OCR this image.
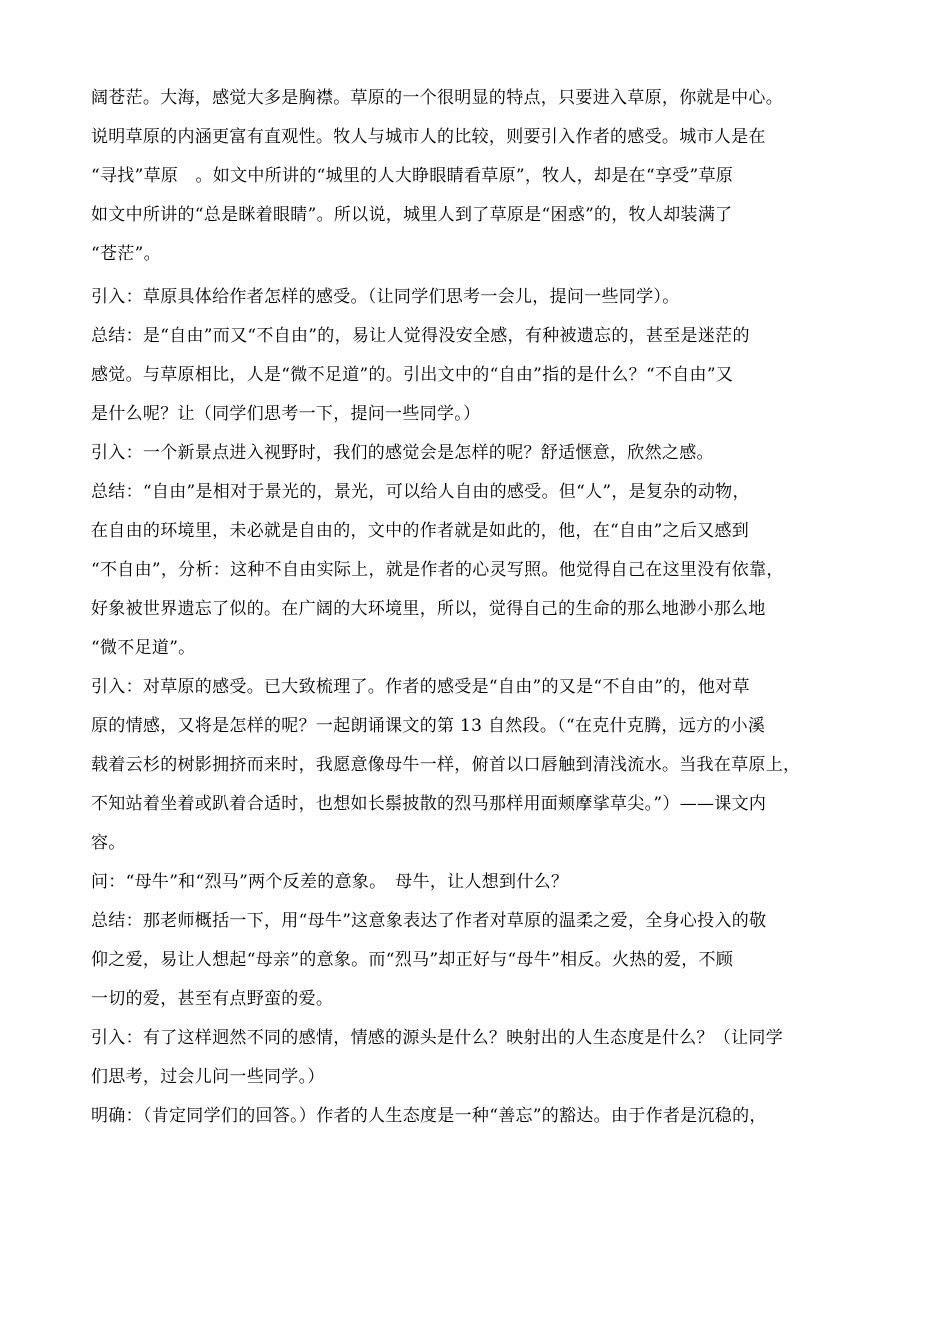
阔苍茫。大海，感觉大多是胸襟。草原的一个很明显的特点，只要进入草原，你就是中心。
说明草原的内涵更富有直观性。牧人与城市人的比较，则要引入作者的感受。城市人是在
“寻找”草原　。如文中所讲的“城里的人大睁眼睛看草原”，牧人，却是在“享受”草原
如文中所讲的“总是眯着眼睛”。所以说，城里人到了草原是“困惑”的，牧人却装满了
“苍茫”。
引入：草原具体给作者怎样的感受。（让同学们思考一会儿，提问一些同学）。
总结：是“自由”而又“不自由”的，易让人觉得没安全感，有种被遗忘的，甚至是迷茫的
感觉。与草原相比，人是“微不足道”的。引出文中的“自由”指的是什么？“不自由”又
是什么呢？让（同学们思考一下，提问一些同学。）
引入：一个新景点进入视野时，我们的感觉会是怎样的呢？舒适惬意，欣然之感。
总结：“自由”是相对于景光的，景光，可以给人自由的感受。但“人”，是复杂的动物，
在自由的环境里，未必就是自由的，文中的作者就是如此的，他，在“自由”之后又感到
“不自由”，分析：这种不自由实际上，就是作者的心灵写照。他觉得自己在这里没有依靠，
好象被世界遗忘了似的。在广阔的大环境里，所以，觉得自己的生命的那么地渺小那么地
“微不足道”。
引入：对草原的感受。已大致梳理了。作者的感受是“自由”的又是“不自由”的，他对草
原的情感，又将是怎样的呢？一起朗诵课文的第 13 自然段。（“在克什克腾，远方的小溪
载着云杉的树影拥挤而来时，我愿意像母牛一样，俯首以口唇触到清浅流水。当我在草原上，
不知站着坐着或趴着合适时，也想如长鬃披散的烈马那样用面颊摩挲草尖。”）——课文内
容。
问：“母牛”和“烈马”两个反差的意象。　母牛，让人想到什么？
总结：那老师概括一下，用“母牛”这意象表达了作者对草原的温柔之爱，全身心投入的敬
仰之爱，易让人想起“母亲”的意象。而“烈马”却正好与“母牛”相反。火热的爱，不顾
一切的爱，甚至有点野蛮的爱。
引入：有了这样迥然不同的感情，情感的源头是什么？映射出的人生态度是什么？（让同学
们思考，过会儿问一些同学。）
明确：（肯定同学们的回答。）作者的人生态度是一种“善忘”的豁达。由于作者是沉稳的，
